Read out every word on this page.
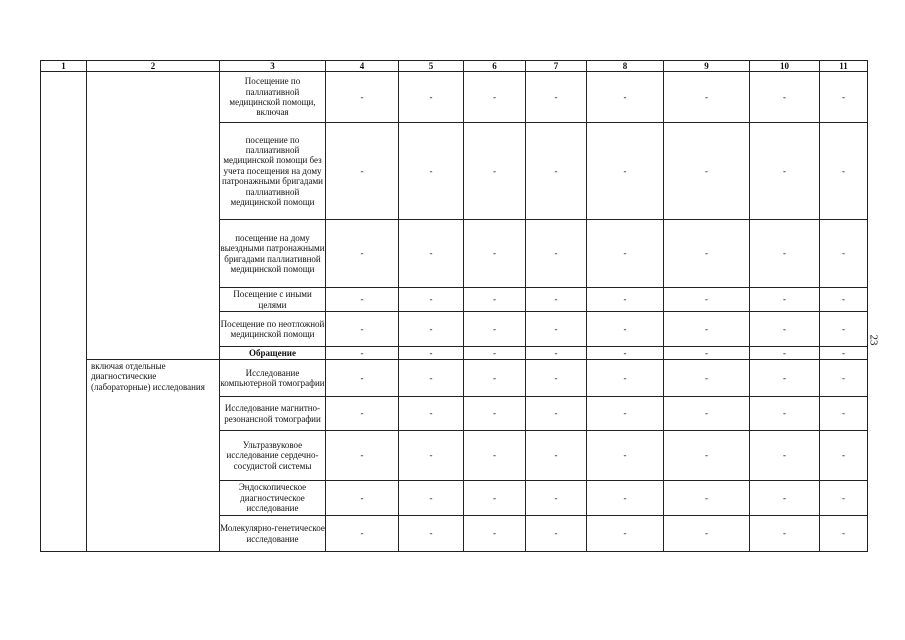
1	2	3	4	5	6	7	8	9	10	11
		Посещение по паллиативной медицинской помощи, включая	-	-	-	-	-	-	-	-
		посещение по паллиативной медицинской помощи без учета посещения на дому патронажными бригадами паллиативной медицинской помощи	-	-	-	-	-	-	-	-
		посещение на дому выездными патронажными бригадами паллиативной медицинской помощи	-	-	-	-	-	-	-	-
		Посещение с иными целями	-	-	-	-	-	-	-	-
		Посещение по неотложной медицинской помощи	-	-	-	-	-	-	-	-
		Обращение	-	-	-	-	-	-	-	-
	включая отдельные диагностические (лабораторные) исследования	Исследование компьютерной томографии	-	-	-	-	-	-	-	-
		Исследование магнитно-резонансной томографии	-	-	-	-	-	-	-	-
		Ультразвуковое исследование сердечно-сосудистой системы	-	-	-	-	-	-	-	-
		Эндоскопическое диагностическое исследование	-	-	-	-	-	-	-	-
		Молекулярно-генетическое исследование	-	-	-	-	-	-	-	-
23
